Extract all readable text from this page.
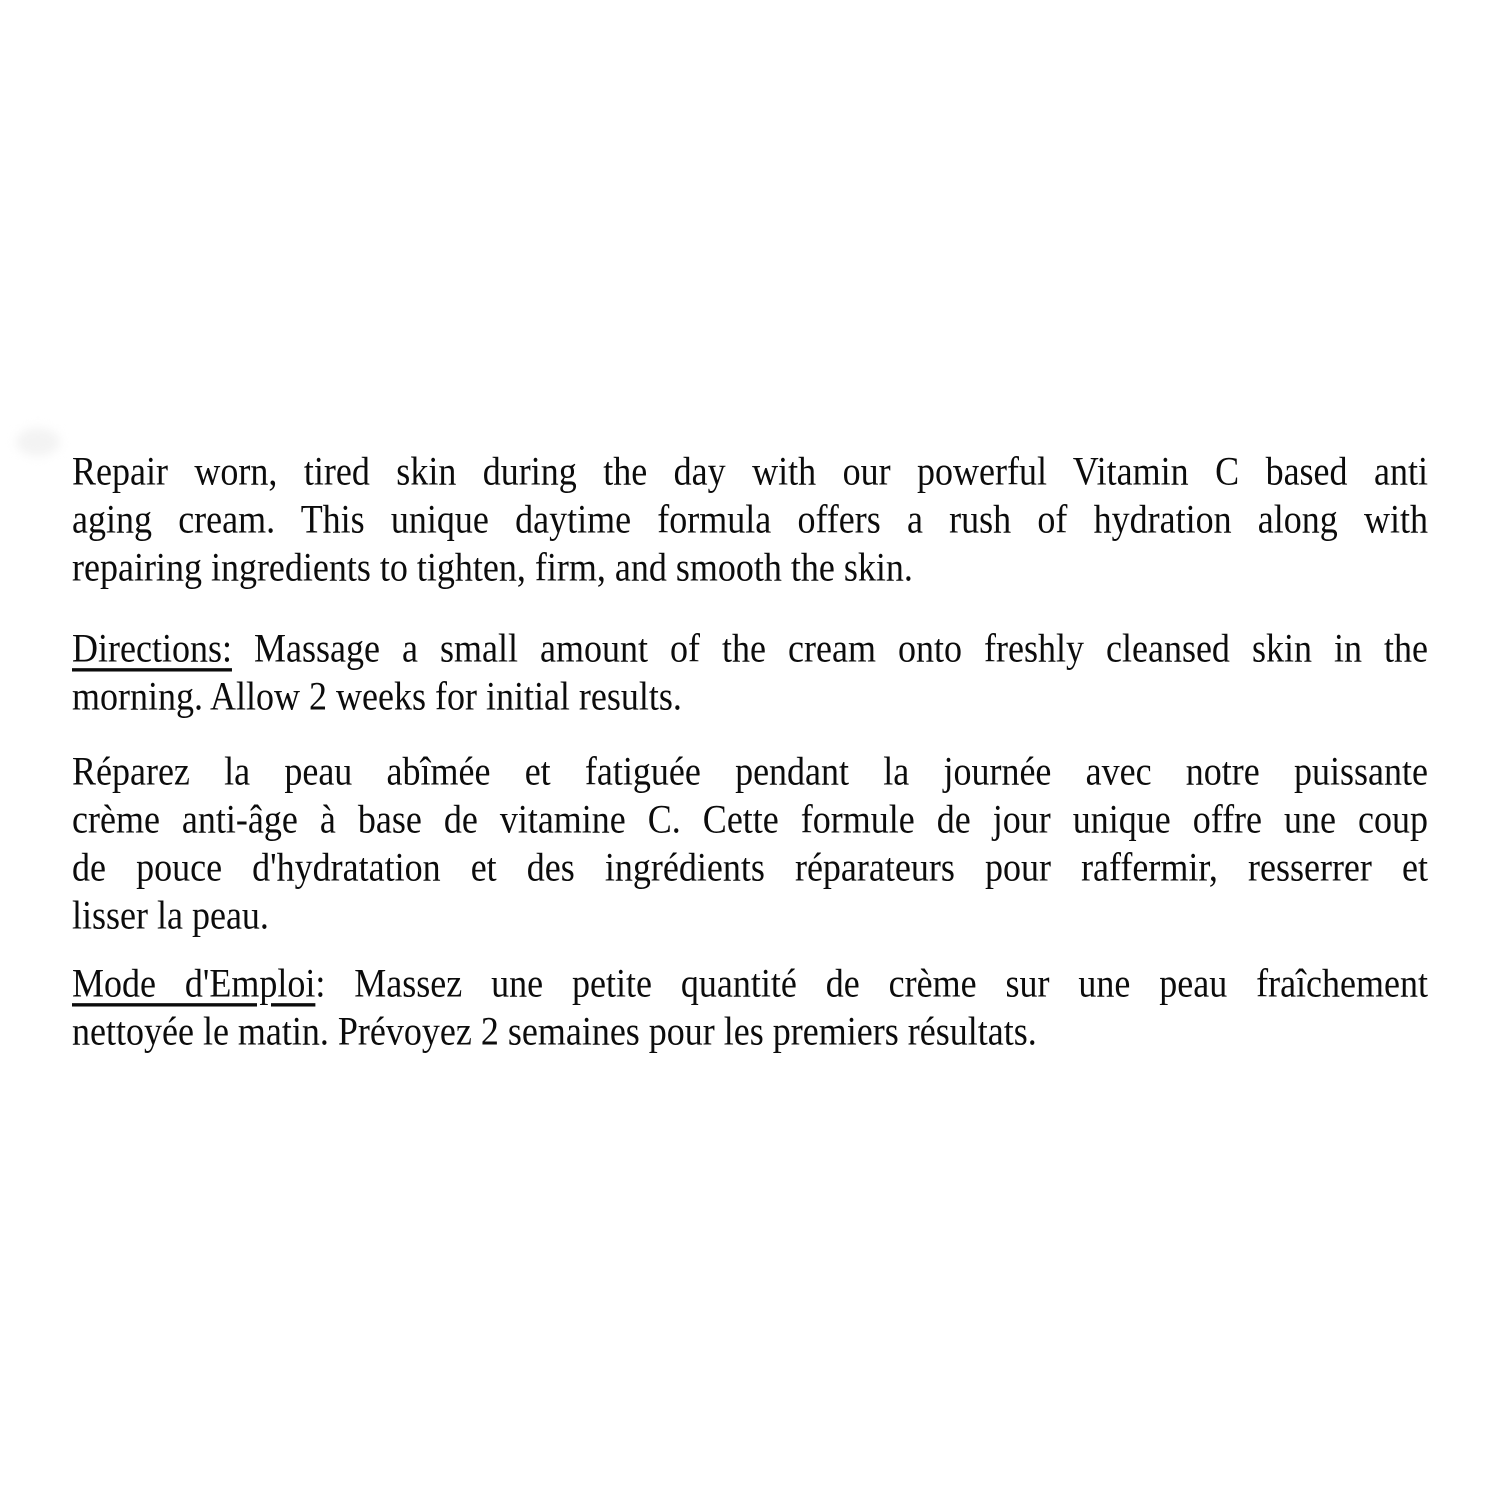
Repair worn, tired skin during the day with our powerful Vitamin C based anti
aging cream. This unique daytime formula offers a rush of hydration along with
repairing ingredients to tighten, firm, and smooth the skin.
Directions: Massage a small amount of the cream onto freshly cleansed skin in the
morning. Allow 2 weeks for initial results.
Réparez la peau abîmée et fatiguée pendant la journée avec notre puissante
crème anti-âge à base de vitamine C. Cette formule de jour unique offre une coup
de pouce d'hydratation et des ingrédients réparateurs pour raffermir, resserrer et
lisser la peau.
Mode d'Emploi: Massez une petite quantité de crème sur une peau fraîchement
nettoyée le matin. Prévoyez 2 semaines pour les premiers résultats.
